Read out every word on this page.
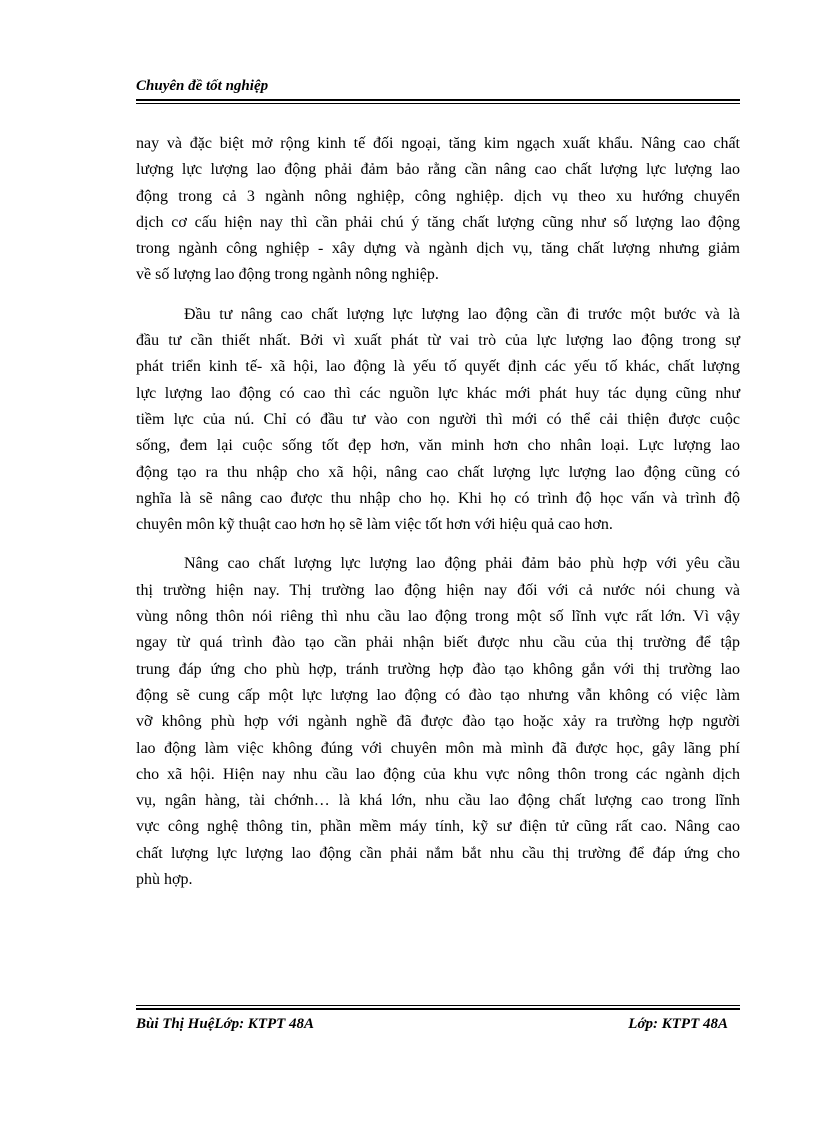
Chuyên đề tốt nghiệp
nay và đặc biệt mở rộng kinh tế đối ngoại, tăng kim ngạch xuất khẩu. Nâng cao chất
lượng lực lượng lao động phải đảm bảo rằng cần nâng cao chất lượng lực lượng lao
động trong cả 3 ngành nông nghiệp, công nghiệp. dịch vụ theo xu hướng chuyển
dịch cơ cấu hiện nay thì cần phải chú ý tăng chất lượng cũng như số lượng lao động
trong ngành công nghiệp - xây dựng và ngành dịch vụ, tăng chất lượng nhưng giảm
về số lượng lao động trong ngành nông nghiệp.
Đầu tư nâng cao chất lượng lực lượng lao động cần đi trước một bước và là
đầu tư cần thiết nhất. Bởi vì xuất phát từ vai trò của lực lượng lao động trong sự
phát triển kinh tế- xã hội, lao động là yếu tố quyết định các yếu tố khác, chất lượng
lực lượng lao động có cao thì các nguồn lực khác mới phát huy tác dụng cũng như
tiềm lực của nú. Chỉ có đầu tư vào con người thì mới có thể cải thiện được cuộc
sống, đem lại cuộc sống tốt đẹp hơn, văn minh hơn cho nhân loại. Lực lượng lao
động tạo ra thu nhập cho xã hội, nâng cao chất lượng lực lượng lao động cũng có
nghĩa là sẽ nâng cao được thu nhập cho họ. Khi họ có trình độ học vấn và trình độ
chuyên môn kỹ thuật cao hơn họ sẽ làm việc tốt hơn với hiệu quả cao hơn.
Nâng cao chất lượng lực lượng lao động phải đảm bảo phù hợp với yêu cầu
thị trường hiện nay. Thị trường lao động hiện nay đối với cả nước nói chung và
vùng nông thôn nói riêng thì nhu cầu lao động trong một số lĩnh vực rất lớn. Vì vậy
ngay từ quá trình đào tạo cần phải nhận biết được nhu cầu của thị trường để tập
trung đáp ứng cho phù hợp, tránh trường hợp đào tạo không gắn với thị trường lao
động sẽ cung cấp một lực lượng lao động có đào tạo nhưng vẫn không có việc làm
vỡ không phù hợp với ngành nghề đã được đào tạo hoặc xảy ra trường hợp người
lao động làm việc không đúng với chuyên môn mà mình đã được học, gây lãng phí
cho xã hội. Hiện nay nhu cầu lao động của khu vực nông thôn trong các ngành dịch
vụ, ngân hàng, tài chớnh… là khá lớn, nhu cầu lao động chất lượng cao trong lĩnh
vực công nghệ thông tin, phần mềm máy tính, kỹ sư điện tử cũng rất cao. Nâng cao
chất lượng lực lượng lao động cần phải nắm bắt nhu cầu thị trường để đáp ứng cho
phù hợp.
Bùi Thị HuệLớp: KTPT 48A	Lớp: KTPT 48A
